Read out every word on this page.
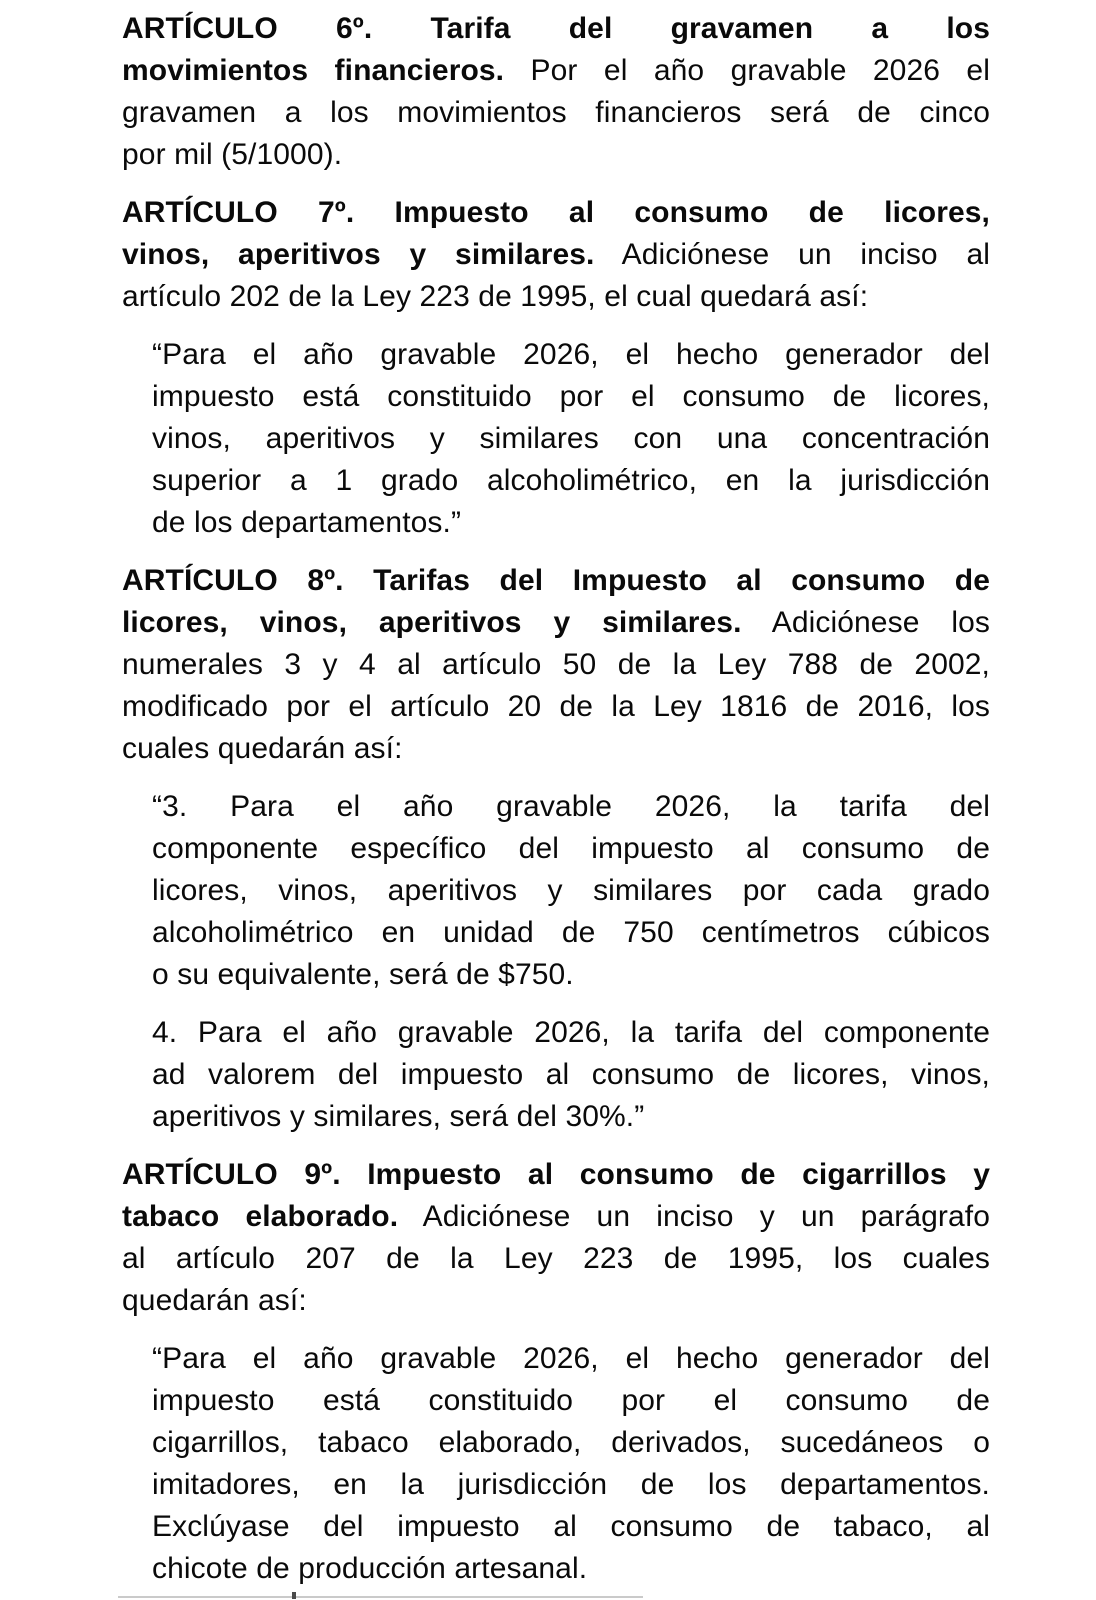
ARTÍCULO 6º. Tarifa del gravamen a los
movimientos financieros. Por el año gravable 2026 el
gravamen a los movimientos financieros será de cinco
por mil (5/1000).

ARTÍCULO 7º. Impuesto al consumo de licores,
vinos, aperitivos y similares. Adiciónese un inciso al
artículo 202 de la Ley 223 de 1995, el cual quedará así:

“Para el año gravable 2026, el hecho generador del
impuesto está constituido por el consumo de licores,
vinos, aperitivos y similares con una concentración
superior a 1 grado alcoholimétrico, en la jurisdicción
de los departamentos.”

ARTÍCULO 8º. Tarifas del Impuesto al consumo de
licores, vinos, aperitivos y similares. Adiciónese los
numerales 3 y 4 al artículo 50 de la Ley 788 de 2002,
modificado por el artículo 20 de la Ley 1816 de 2016, los
cuales quedarán así:

“3. Para el año gravable 2026, la tarifa del
componente específico del impuesto al consumo de
licores, vinos, aperitivos y similares por cada grado
alcoholimétrico en unidad de 750 centímetros cúbicos
o su equivalente, será de $750.

4. Para el año gravable 2026, la tarifa del componente
ad valorem del impuesto al consumo de licores, vinos,
aperitivos y similares, será del 30%.”

ARTÍCULO 9º. Impuesto al consumo de cigarrillos y
tabaco elaborado. Adiciónese un inciso y un parágrafo
al artículo 207 de la Ley 223 de 1995, los cuales
quedarán así:

“Para el año gravable 2026, el hecho generador del
impuesto está constituido por el consumo de
cigarrillos, tabaco elaborado, derivados, sucedáneos o
imitadores, en la jurisdicción de los departamentos.
Exclúyase del impuesto al consumo de tabaco, al
chicote de producción artesanal.
